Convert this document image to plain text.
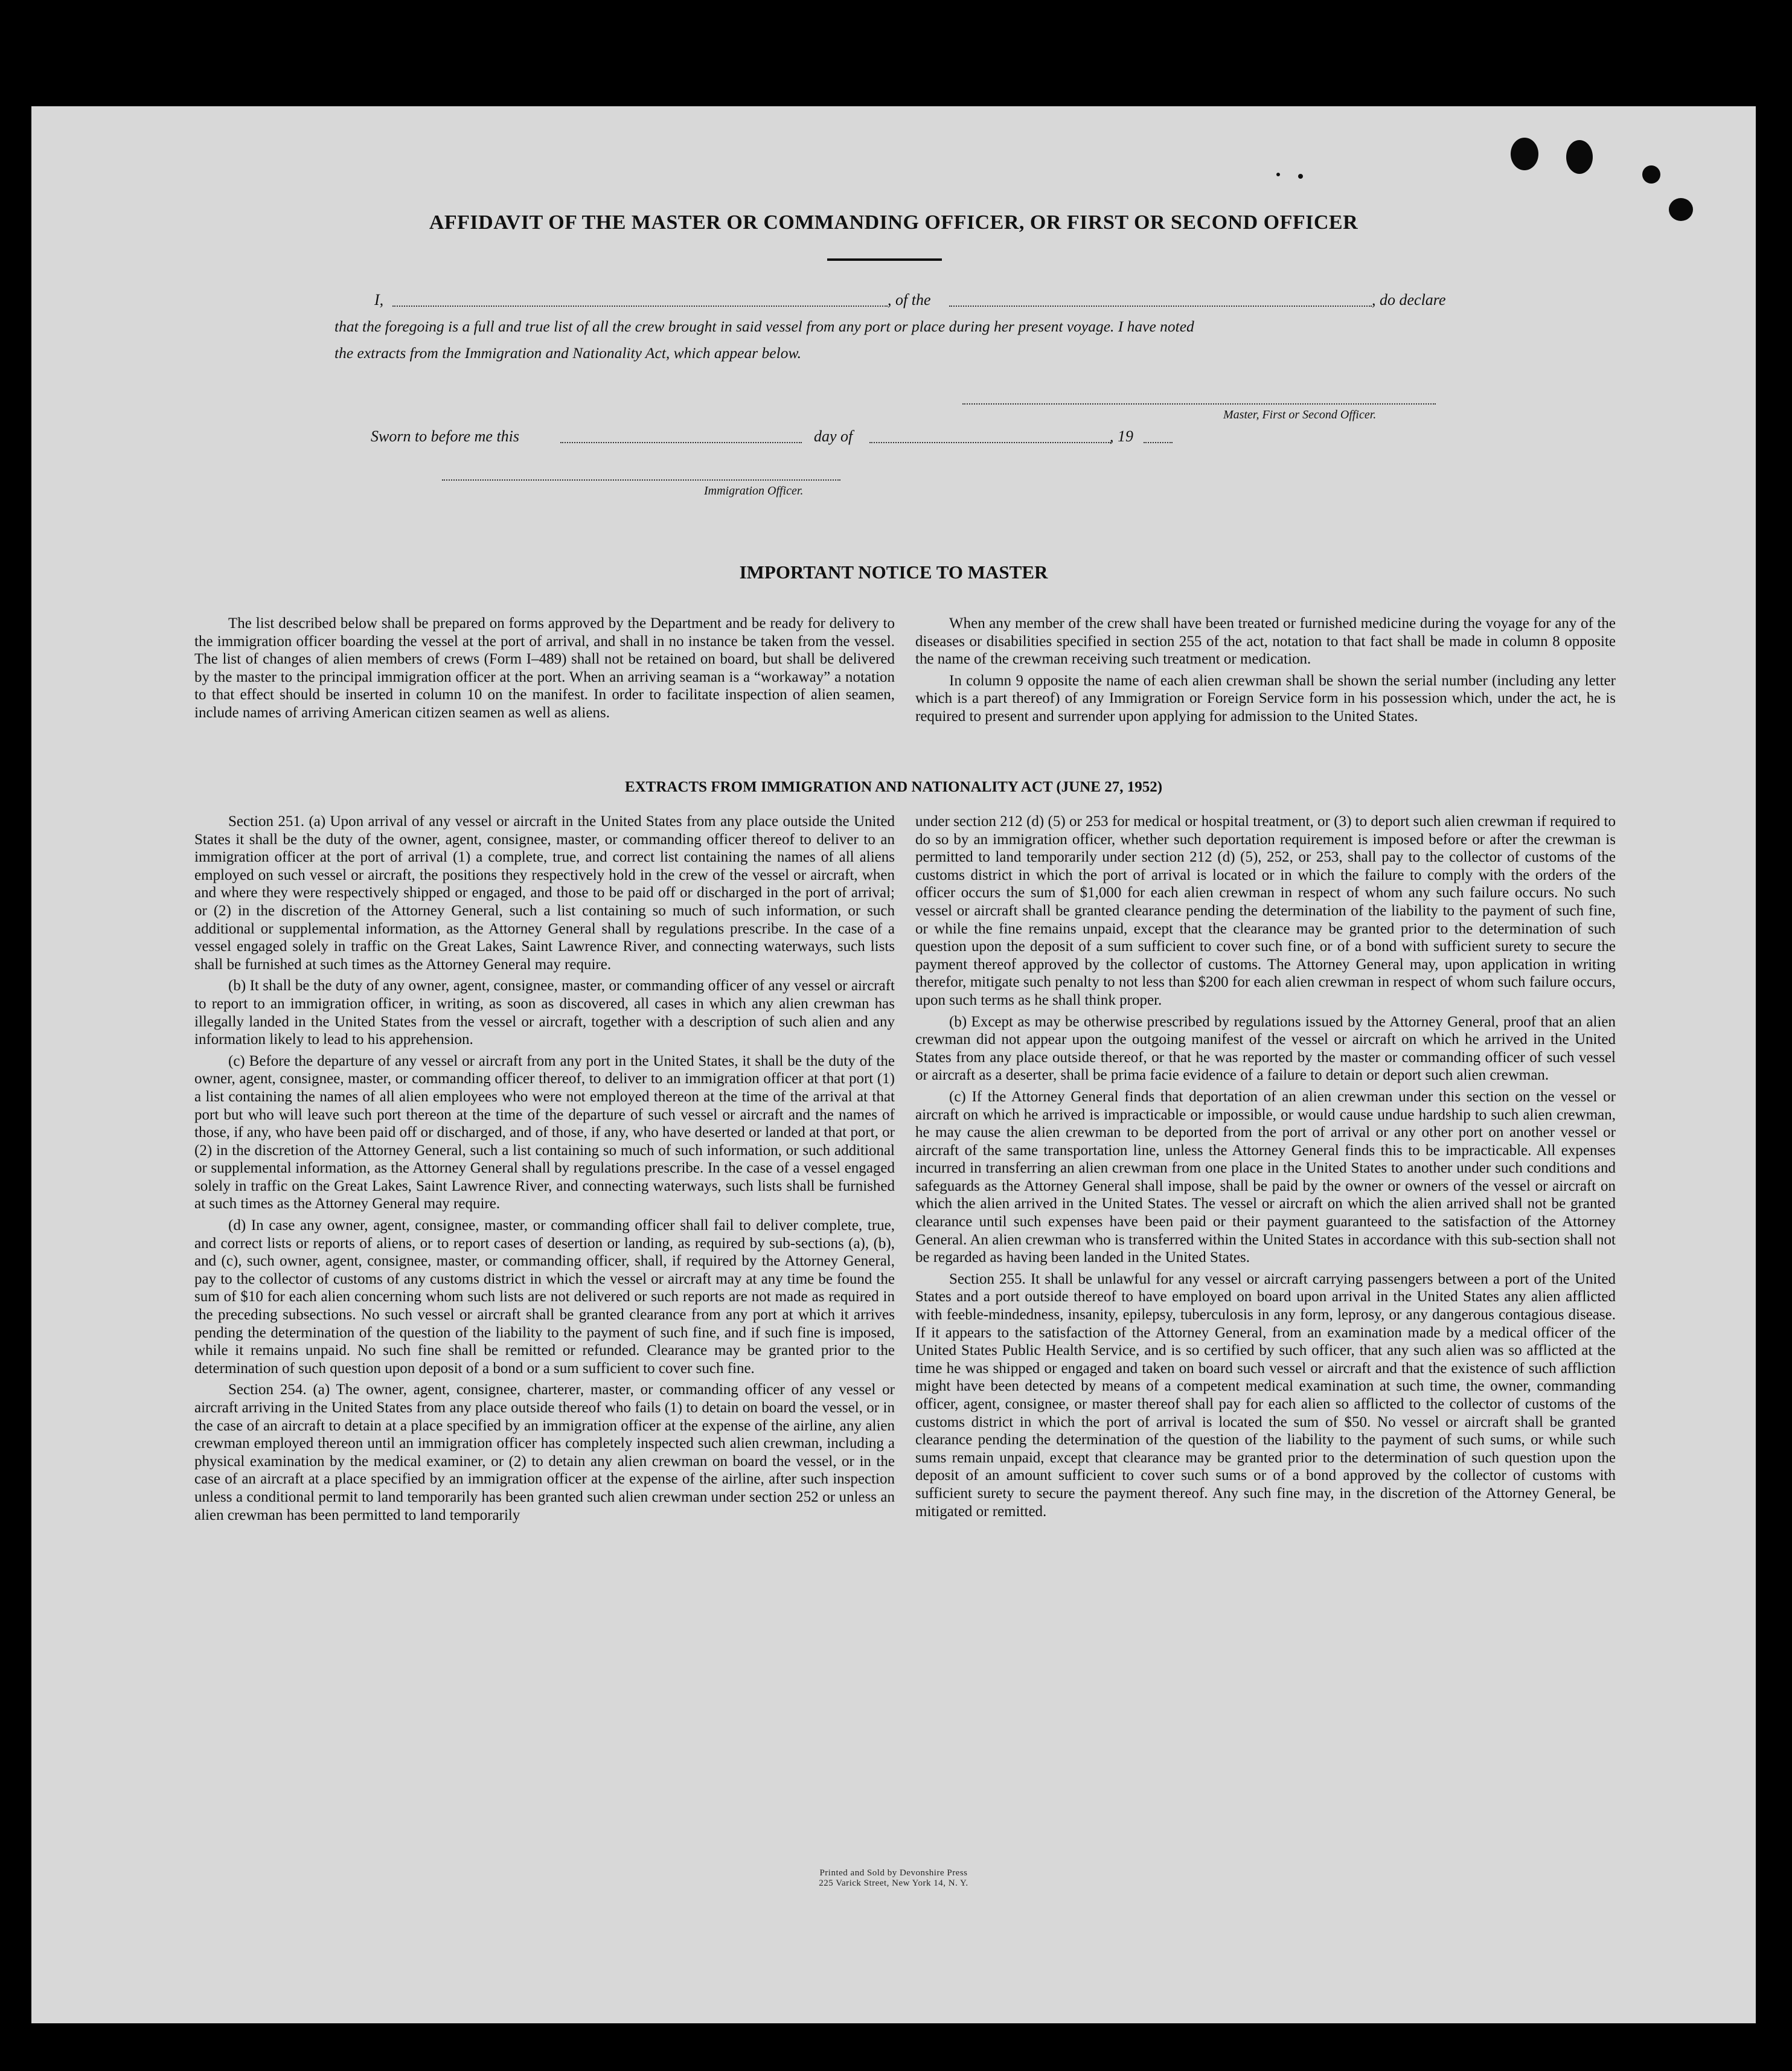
AFFIDAVIT OF THE MASTER OR COMMANDING OFFICER, OR FIRST OR SECOND OFFICER
I,	, of the	, do declare
that the foregoing is a full and true list of all the crew brought in said vessel from any port or place during her present voyage. I have noted
the extracts from the Immigration and Nationality Act, which appear below.
Master, First or Second Officer.
Sworn to before me this	day of	, 19
Immigration Officer.
IMPORTANT NOTICE TO MASTER

The list described below shall be prepared on forms approved by the Department and be ready for delivery to the immigration officer boarding the vessel at the port of arrival, and shall in no instance be taken from the vessel. The list of changes of alien members of crews (Form I–489) shall not be retained on board, but shall be delivered by the master to the principal immigration officer at the port. When an arriving seaman is a “workaway” a notation to that effect should be inserted in column 10 on the manifest. In order to facilitate inspection of alien seamen, include names of arriving American citizen seamen as well as aliens.

When any member of the crew shall have been treated or furnished medicine during the voyage for any of the diseases or disabilities specified in section 255 of the act, notation to that fact shall be made in column 8 opposite the name of the crewman receiving such treatment or medication.

In column 9 opposite the name of each alien crewman shall be shown the serial number (including any letter which is a part thereof) of any Immigration or Foreign Service form in his possession which, under the act, he is required to present and surrender upon applying for admission to the United States.

EXTRACTS FROM IMMIGRATION AND NATIONALITY ACT (JUNE 27, 1952)

Section 251. (a) Upon arrival of any vessel or aircraft in the United States from any place outside the United States it shall be the duty of the owner, agent, consignee, master, or commanding officer thereof to deliver to an immigration officer at the port of arrival (1) a complete, true, and correct list containing the names of all aliens employed on such vessel or aircraft, the positions they respectively hold in the crew of the vessel or aircraft, when and where they were respectively shipped or engaged, and those to be paid off or discharged in the port of arrival; or (2) in the discretion of the Attorney General, such a list containing so much of such information, or such additional or supplemental information, as the Attorney General shall by regulations prescribe. In the case of a vessel engaged solely in traffic on the Great Lakes, Saint Lawrence River, and connecting waterways, such lists shall be furnished at such times as the Attorney General may require.

(b) It shall be the duty of any owner, agent, consignee, master, or commanding officer of any vessel or aircraft to report to an immigration officer, in writing, as soon as discovered, all cases in which any alien crewman has illegally landed in the United States from the vessel or aircraft, together with a description of such alien and any information likely to lead to his apprehension.

(c) Before the departure of any vessel or aircraft from any port in the United States, it shall be the duty of the owner, agent, consignee, master, or commanding officer thereof, to deliver to an immigration officer at that port (1) a list containing the names of all alien employees who were not employed thereon at the time of the arrival at that port but who will leave such port thereon at the time of the departure of such vessel or aircraft and the names of those, if any, who have been paid off or discharged, and of those, if any, who have deserted or landed at that port, or (2) in the discretion of the Attorney General, such a list containing so much of such information, or such additional or supplemental information, as the Attorney General shall by regulations prescribe. In the case of a vessel engaged solely in traffic on the Great Lakes, Saint Lawrence River, and connecting waterways, such lists shall be furnished at such times as the Attorney General may require.

(d) In case any owner, agent, consignee, master, or commanding officer shall fail to deliver complete, true, and correct lists or reports of aliens, or to report cases of desertion or landing, as required by sub-sections (a), (b), and (c), such owner, agent, consignee, master, or commanding officer, shall, if required by the Attorney General, pay to the collector of customs of any customs district in which the vessel or aircraft may at any time be found the sum of $10 for each alien concerning whom such lists are not delivered or such reports are not made as required in the preceding subsections. No such vessel or aircraft shall be granted clearance from any port at which it arrives pending the determination of the question of the liability to the payment of such fine, and if such fine is imposed, while it remains unpaid. No such fine shall be remitted or refunded. Clearance may be granted prior to the determination of such question upon deposit of a bond or a sum sufficient to cover such fine.

Section 254. (a) The owner, agent, consignee, charterer, master, or commanding officer of any vessel or aircraft arriving in the United States from any place outside thereof who fails (1) to detain on board the vessel, or in the case of an aircraft to detain at a place specified by an immigration officer at the expense of the airline, any alien crewman employed thereon until an immigration officer has completely inspected such alien crewman, including a physical examination by the medical examiner, or (2) to detain any alien crewman on board the vessel, or in the case of an aircraft at a place specified by an immigration officer at the expense of the airline, after such inspection unless a conditional permit to land temporarily has been granted such alien crewman under section 252 or unless an alien crewman has been permitted to land temporarily

under section 212 (d) (5) or 253 for medical or hospital treatment, or (3) to deport such alien crewman if required to do so by an immigration officer, whether such deportation requirement is imposed before or after the crewman is permitted to land temporarily under section 212 (d) (5), 252, or 253, shall pay to the collector of customs of the customs district in which the port of arrival is located or in which the failure to comply with the orders of the officer occurs the sum of $1,000 for each alien crewman in respect of whom any such failure occurs. No such vessel or aircraft shall be granted clearance pending the determination of the liability to the payment of such fine, or while the fine remains unpaid, except that the clearance may be granted prior to the determination of such question upon the deposit of a sum sufficient to cover such fine, or of a bond with sufficient surety to secure the payment thereof approved by the collector of customs. The Attorney General may, upon application in writing therefor, mitigate such penalty to not less than $200 for each alien crewman in respect of whom such failure occurs, upon such terms as he shall think proper.

(b) Except as may be otherwise prescribed by regulations issued by the Attorney General, proof that an alien crewman did not appear upon the outgoing manifest of the vessel or aircraft on which he arrived in the United States from any place outside thereof, or that he was reported by the master or commanding officer of such vessel or aircraft as a deserter, shall be prima facie evidence of a failure to detain or deport such alien crewman.

(c) If the Attorney General finds that deportation of an alien crewman under this section on the vessel or aircraft on which he arrived is impracticable or impossible, or would cause undue hardship to such alien crewman, he may cause the alien crewman to be deported from the port of arrival or any other port on another vessel or aircraft of the same transportation line, unless the Attorney General finds this to be impracticable. All expenses incurred in transferring an alien crewman from one place in the United States to another under such conditions and safeguards as the Attorney General shall impose, shall be paid by the owner or owners of the vessel or aircraft on which the alien arrived in the United States. The vessel or aircraft on which the alien arrived shall not be granted clearance until such expenses have been paid or their payment guaranteed to the satisfaction of the Attorney General. An alien crewman who is transferred within the United States in accordance with this sub-section shall not be regarded as having been landed in the United States.

Section 255. It shall be unlawful for any vessel or aircraft carrying passengers between a port of the United States and a port outside thereof to have employed on board upon arrival in the United States any alien afflicted with feeble-mindedness, insanity, epilepsy, tuberculosis in any form, leprosy, or any dangerous contagious disease. If it appears to the satisfaction of the Attorney General, from an examination made by a medical officer of the United States Public Health Service, and is so certified by such officer, that any such alien was so afflicted at the time he was shipped or engaged and taken on board such vessel or aircraft and that the existence of such affliction might have been detected by means of a competent medical examination at such time, the owner, commanding officer, agent, consignee, or master thereof shall pay for each alien so afflicted to the collector of customs of the customs district in which the port of arrival is located the sum of $50. No vessel or aircraft shall be granted clearance pending the determination of the question of the liability to the payment of such sums, or while such sums remain unpaid, except that clearance may be granted prior to the determination of such question upon the deposit of an amount sufficient to cover such sums or of a bond approved by the collector of customs with sufficient surety to secure the payment thereof. Any such fine may, in the discretion of the Attorney General, be mitigated or remitted.

Printed and Sold by Devonshire Press
225 Varick Street, New York 14, N. Y.
